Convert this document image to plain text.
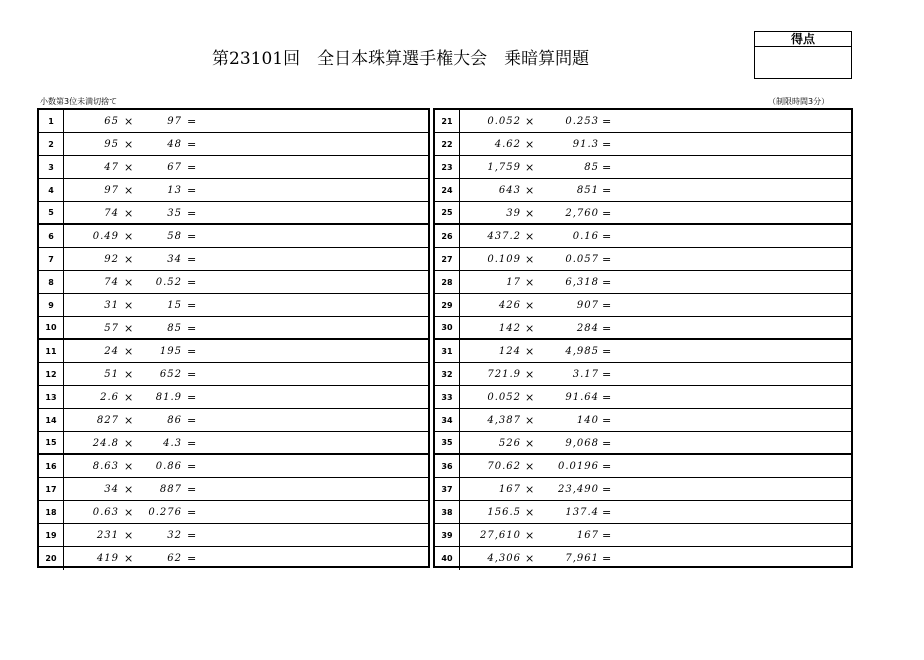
第23101回　全日本珠算選手権大会　乗暗算問題
得点
小数第3位未満切捨て	（制限時間3分）
1	65 ×	97 =
2	95 ×	48 =
3	47 ×	67 =
4	97 ×	13 =
5	74 ×	35 =
6	0.49 ×	58 =
7	92 ×	34 =
8	74 ×	0.52 =
9	31 ×	15 =
10	57 ×	85 =
11	24 ×	195 =
12	51 ×	652 =
13	2.6 ×	81.9 =
14	827 ×	86 =
15	24.8 ×	4.3 =
16	8.63 ×	0.86 =
17	34 ×	887 =
18	0.63 ×	0.276 =
19	231 ×	32 =
20	419 ×	62 =
21	0.052 ×	0.253 =
22	4.62 ×	91.3 =
23	1,759 ×	85 =
24	643 ×	851 =
25	39 ×	2,760 =
26	437.2 ×	0.16 =
27	0.109 ×	0.057 =
28	17 ×	6,318 =
29	426 ×	907 =
30	142 ×	284 =
31	124 ×	4,985 =
32	721.9 ×	3.17 =
33	0.052 ×	91.64 =
34	4,387 ×	140 =
35	526 ×	9,068 =
36	70.62 ×	0.0196 =
37	167 ×	23,490 =
38	156.5 ×	137.4 =
39	27,610 ×	167 =
40	4,306 ×	7,961 =
